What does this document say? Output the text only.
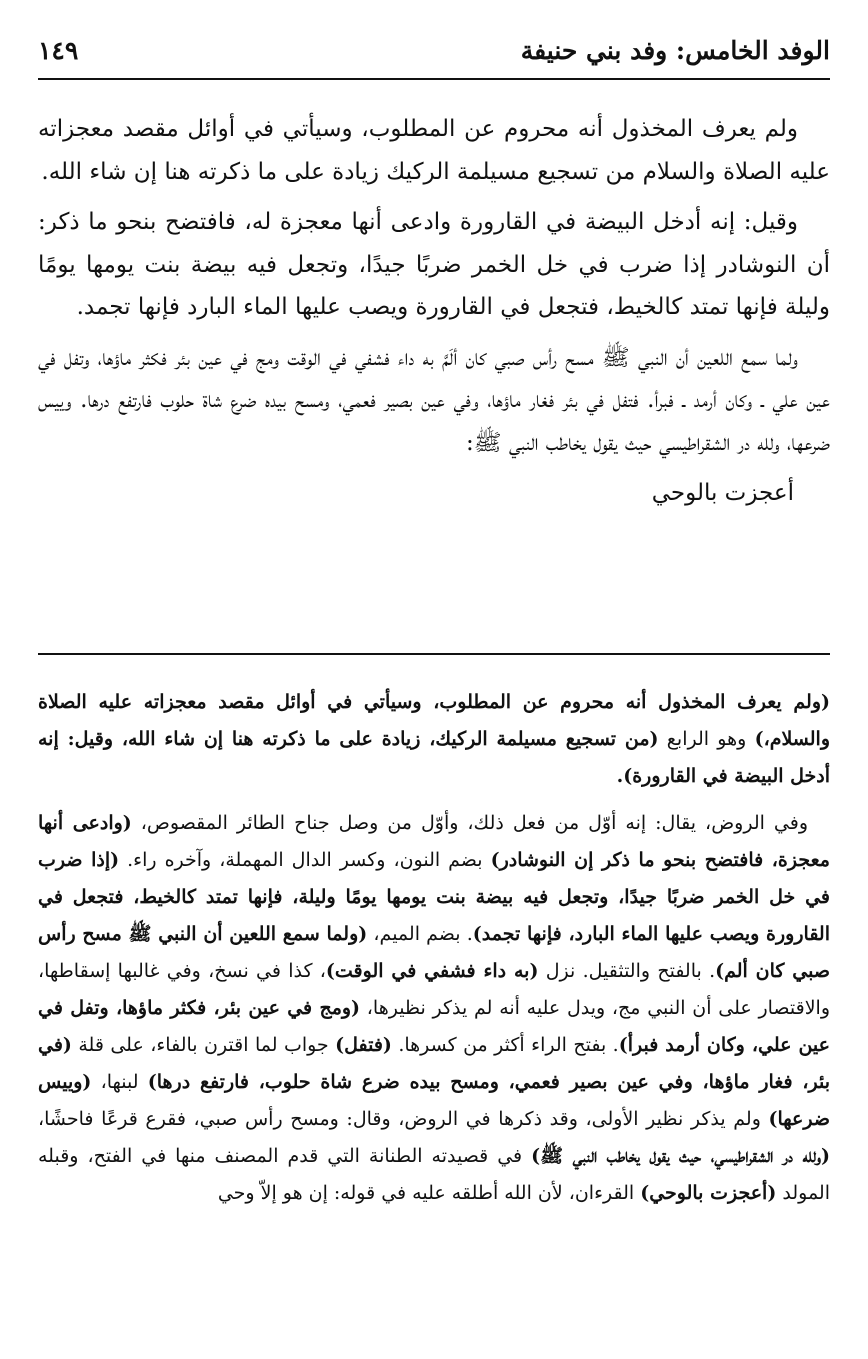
الوفد الخامس: وفد بني حنيفة
١٤٩

ولم يعرف المخذول أنه محروم عن المطلوب، وسيأتي في أوائل مقصد معجزاته عليه الصلاة والسلام من تسجيع مسيلمة الركيك زيادة على ما ذكرته هنا إن شاء الله.

وقيل: إنه أدخل البيضة في القارورة وادعى أنها معجزة له، فافتضح بنحو ما ذكر: أن النوشادر إذا ضرب في خل الخمر ضربًا جيدًا، وتجعل فيه بيضة بنت يومها يومًا وليلة فإنها تمتد كالخيط، فتجعل في القارورة ويصب عليها الماء البارد فإنها تجمد.

ولما سمع اللعين أن النبي ﷺ مسح رأس صبي كان ألَمَّ به داء فشفي في الوقت ومج في عين بئر فكثر ماؤها، وتفل في عين علي ـ وكان أرمد ـ فبرأ. فتفل في بئر فغار ماؤها، وفي عين بصير فعمي، ومسح بيده ضرع شاة حلوب فارتفع درها. وييس ضرعها، ولله در الشقراطيسي حيث يقول يخاطب النبي ﷺ:

أعجزت بالوحي

(ولم يعرف المخذول أنه محروم عن المطلوب، وسيأتي في أوائل مقصد معجزاته عليه الصلاة والسلام،) وهو الرابع (من تسجيع مسيلمة الركيك، زيادة على ما ذكرته هنا إن شاء الله، وقيل: إنه أدخل البيضة في القارورة).

وفي الروض، يقال: إنه أوّل من فعل ذلك، وأوّل من وصل جناح الطائر المقصوص، (وادعى أنها معجزة، فافتضح بنحو ما ذكر إن النوشادر) بضم النون، وكسر الدال المهملة، وآخره راء. (إذا ضرب في خل الخمر ضربًا جيدًا، وتجعل فيه بيضة بنت يومها يومًا وليلة، فإنها تمتد كالخيط، فتجعل في القارورة ويصب عليها الماء البارد، فإنها تجمد). بضم الميم، (ولما سمع اللعين أن النبي ﷺ مسح رأس صبي كان ألم). بالفتح والتثقيل. نزل (به داء فشفي في الوقت)، كذا في نسخ، وفي غالبها إسقاطها، والاقتصار على أن النبي مج، ويدل عليه أنه لم يذكر نظيرها، (ومج في عين بئر، فكثر ماؤها، وتفل في عين علي، وكان أرمد فبرأ). بفتح الراء أكثر من كسرها. (فتفل) جواب لما اقترن بالفاء، على قلة (في بئر، فغار ماؤها، وفي عين بصير فعمي، ومسح بيده ضرع شاة حلوب، فارتفع درها) لبنها، (وييس ضرعها) ولم يذكر نظير الأولى، وقد ذكرها في الروض، وقال: ومسح رأس صبي، فقرع قرعًا فاحشًا، (ولله در الشقراطيسي، حيث يقول يخاطب النبي ﷺ) في قصيدته الطنانة التي قدم المصنف منها في الفتح، وقبله المولد (أعجزت بالوحي) القرءان، لأن الله أطلقه عليه في قوله: إن هو إلاّ وحي
